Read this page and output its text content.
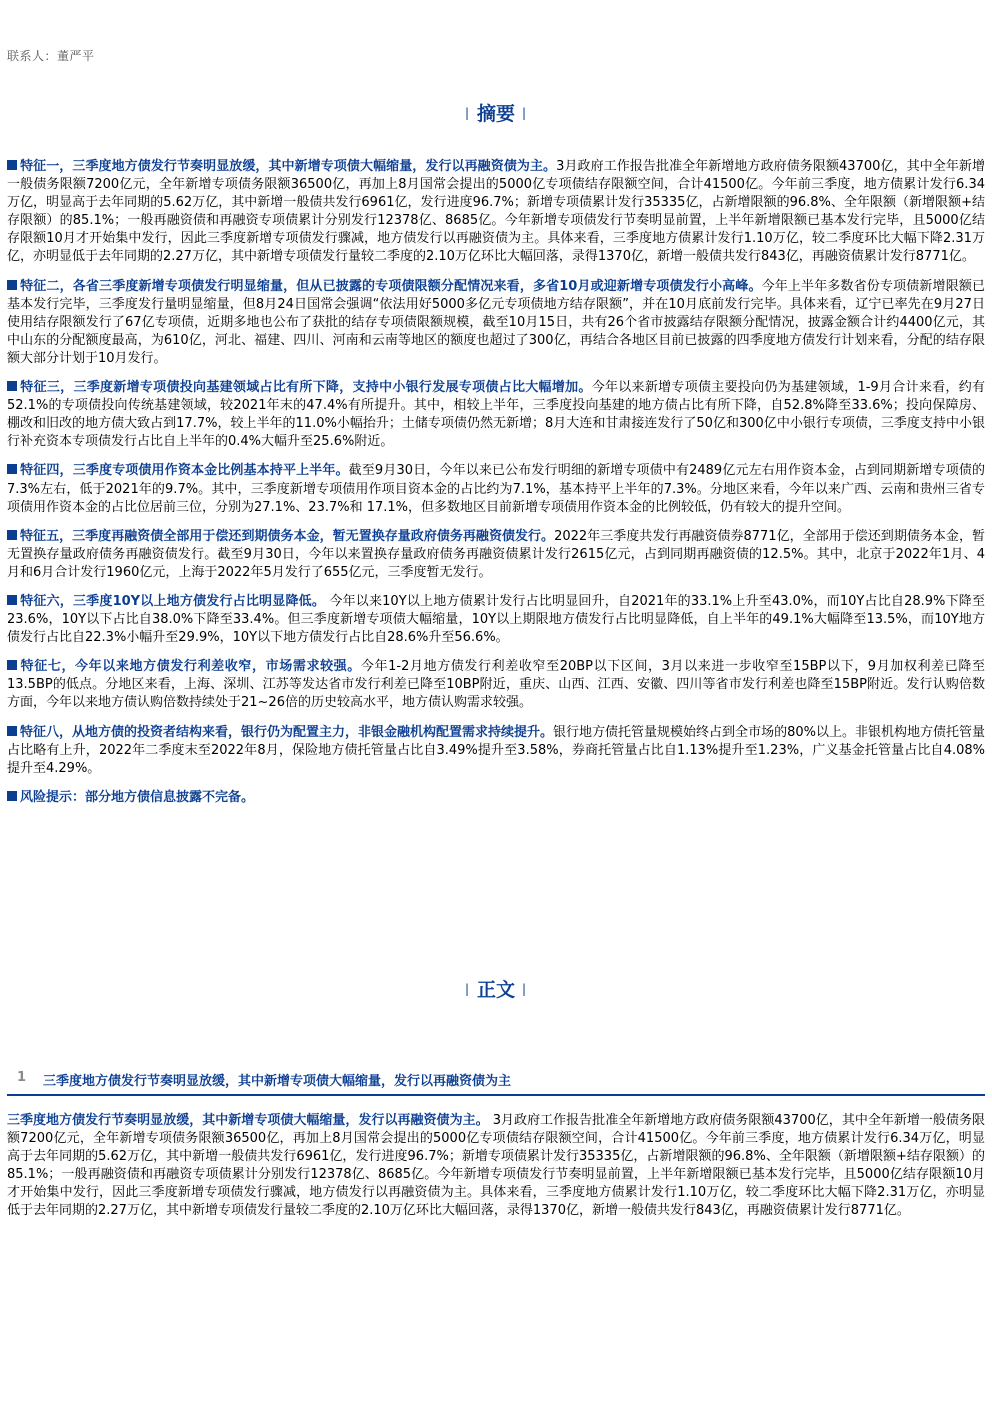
联系人：董严平
| 摘要 |

特征一，三季度地方债发行节奏明显放缓，其中新增专项债大幅缩量，发行以再融资债为主。3月政府工作报告批准全年新增地方政府债务限额43700亿，其中全年新增一般债务限额7200亿元，全年新增专项债务限额36500亿，再加上8月国常会提出的5000亿专项债结存限额空间，合计41500亿。今年前三季度，地方债累计发行6.34万亿，明显高于去年同期的5.62万亿，其中新增一般债共发行6961亿，发行进度96.7%；新增专项债累计发行35335亿，占新增限额的96.8%、全年限额（新增限额+结存限额）的85.1%；一般再融资债和再融资专项债累计分别发行12378亿、8685亿。今年新增专项债发行节奏明显前置，上半年新增限额已基本发行完毕，且5000亿结存限额10月才开始集中发行，因此三季度新增专项债发行骤减，地方债发行以再融资债为主。具体来看，三季度地方债累计发行1.10万亿，较二季度环比大幅下降2.31万亿，亦明显低于去年同期的2.27万亿，其中新增专项债发行量较二季度的2.10万亿环比大幅回落，录得1370亿，新增一般债共发行843亿，再融资债累计发行8771亿。

特征二，各省三季度新增专项债发行明显缩量，但从已披露的专项债限额分配情况来看，多省10月或迎新增专项债发行小高峰。今年上半年多数省份专项债新增限额已基本发行完毕，三季度发行量明显缩量，但8月24日国常会强调“依法用好5000多亿元专项债地方结存限额”，并在10月底前发行完毕。具体来看，辽宁已率先在9月27日使用结存限额发行了67亿专项债，近期多地也公布了获批的结存专项债限额规模，截至10月15日，共有26个省市披露结存限额分配情况，披露金额合计约4400亿元，其中山东的分配额度最高，为610亿，河北、福建、四川、河南和云南等地区的额度也超过了300亿，再结合各地区目前已披露的四季度地方债发行计划来看，分配的结存限额大部分计划于10月发行。

特征三，三季度新增专项债投向基建领域占比有所下降，支持中小银行发展专项债占比大幅增加。今年以来新增专项债主要投向仍为基建领域，1-9月合计来看，约有52.1%的专项债投向传统基建领域，较2021年末的47.4%有所提升。其中，相较上半年，三季度投向基建的地方债占比有所下降，自52.8%降至33.6%；投向保障房、棚改和旧改的地方债大致占到17.7%，较上半年的11.0%小幅抬升；土储专项债仍然无新增；8月大连和甘肃接连发行了50亿和300亿中小银行专项债，三季度支持中小银行补充资本专项债发行占比自上半年的0.4%大幅升至25.6%附近。

特征四，三季度专项债用作资本金比例基本持平上半年。截至9月30日，今年以来已公布发行明细的新增专项债中有2489亿元左右用作资本金，占到同期新增专项债的7.3%左右，低于2021年的9.7%。其中，三季度新增专项债用作项目资本金的占比约为7.1%，基本持平上半年的7.3%。分地区来看，今年以来广西、云南和贵州三省专项债用作资本金的占比位居前三位，分别为27.1%、23.7%和 17.1%，但多数地区目前新增专项债用作资本金的比例较低，仍有较大的提升空间。

特征五，三季度再融资债全部用于偿还到期债务本金，暂无置换存量政府债务再融资债发行。2022年三季度共发行再融资债券8771亿，全部用于偿还到期债务本金，暂无置换存量政府债务再融资债发行。截至9月30日，今年以来置换存量政府债务再融资债累计发行2615亿元，占到同期再融资债的12.5%。其中，北京于2022年1月、4月和6月合计发行1960亿元，上海于2022年5月发行了655亿元，三季度暂无发行。

特征六，三季度10Y以上地方债发行占比明显降低。 今年以来10Y以上地方债累计发行占比明显回升，自2021年的33.1%上升至43.0%，而10Y占比自28.9%下降至23.6%，10Y以下占比自38.0%下降至33.4%。但三季度新增专项债大幅缩量，10Y以上期限地方债发行占比明显降低，自上半年的49.1%大幅降至13.5%，而10Y地方债发行占比自22.3%小幅升至29.9%，10Y以下地方债发行占比自28.6%升至56.6%。

特征七，今年以来地方债发行利差收窄，市场需求较强。今年1-2月地方债发行利差收窄至20BP以下区间，3月以来进一步收窄至15BP以下，9月加权利差已降至13.5BP的低点。分地区来看，上海、深圳、江苏等发达省市发行利差已降至10BP附近，重庆、山西、江西、安徽、四川等省市发行利差也降至15BP附近。发行认购倍数方面，今年以来地方债认购倍数持续处于21~26倍的历史较高水平，地方债认购需求较强。

特征八，从地方债的投资者结构来看，银行仍为配置主力，非银金融机构配置需求持续提升。银行地方债托管量规模始终占到全市场的80%以上。非银机构地方债托管量占比略有上升，2022年二季度末至2022年8月，保险地方债托管量占比自3.49%提升至3.58%，券商托管量占比自1.13%提升至1.23%，广义基金托管量占比自4.08%提升至4.29%。

风险提示：部分地方债信息披露不完备。

| 正文 |
1 三季度地方债发行节奏明显放缓，其中新增专项债大幅缩量，发行以再融资债为主

三季度地方债发行节奏明显放缓，其中新增专项债大幅缩量，发行以再融资债为主。 3月政府工作报告批准全年新增地方政府债务限额43700亿，其中全年新增一般债务限额7200亿元，全年新增专项债务限额36500亿，再加上8月国常会提出的5000亿专项债结存限额空间，合计41500亿。今年前三季度，地方债累计发行6.34万亿，明显高于去年同期的5.62万亿，其中新增一般债共发行6961亿，发行进度96.7%；新增专项债累计发行35335亿，占新增限额的96.8%、全年限额（新增限额+结存限额）的85.1%；一般再融资债和再融资专项债累计分别发行12378亿、8685亿。今年新增专项债发行节奏明显前置，上半年新增限额已基本发行完毕，且5000亿结存限额10月才开始集中发行，因此三季度新增专项债发行骤减，地方债发行以再融资债为主。具体来看，三季度地方债累计发行1.10万亿，较二季度环比大幅下降2.31万亿，亦明显低于去年同期的2.27万亿，其中新增专项债发行量较二季度的2.10万亿环比大幅回落，录得1370亿，新增一般债共发行843亿，再融资债累计发行8771亿。
